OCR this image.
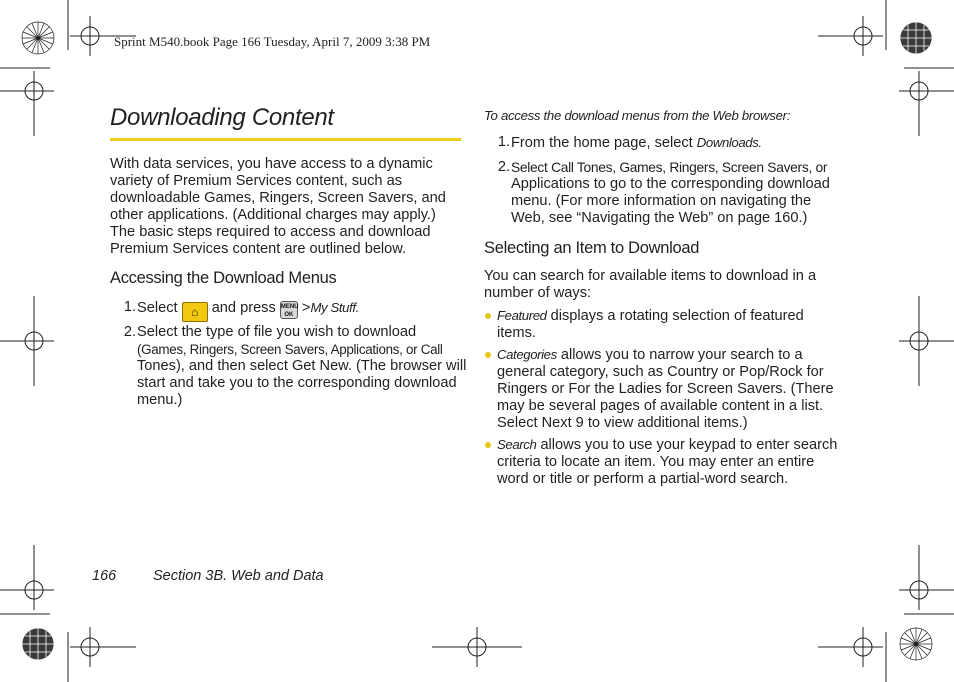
Sprint M540.book Page 166 Tuesday, April 7, 2009 3:38 PM
Downloading Content
With data services, you have access to a dynamic variety of Premium Services content, such as downloadable Games, Ringers, Screen Savers, and other applications. (Additional charges may apply.) The basic steps required to access and download Premium Services content are outlined below.
Accessing the Download Menus
1. Select ⌂ and press MENU
OK >My Stuff.
2. Select the type of file you wish to download
(Games, Ringers, Screen Savers, Applications, or Call
Tones), and then select Get New. (The browser will
start and take you to the corresponding download
menu.)
To access the download menus from the Web browser:
1. From the home page, select Downloads.
2. Select Call Tones, Games, Ringers, Screen Savers, or
Applications to go to the corresponding download
menu. (For more information on navigating the
Web, see “Navigating the Web” on page 160.)
Selecting an Item to Download
You can search for available items to download in a
number of ways:
Featured displays a rotating selection of featured
items.
Categories allows you to narrow your search to a
general category, such as Country or Pop/Rock for
Ringers or For the Ladies for Screen Savers. (There
may be several pages of available content in a list.
Select Next 9 to view additional items.)
Search allows you to use your keypad to enter search
criteria to locate an item. You may enter an entire
word or title or perform a partial-word search.
166	Section 3B. Web and Data
